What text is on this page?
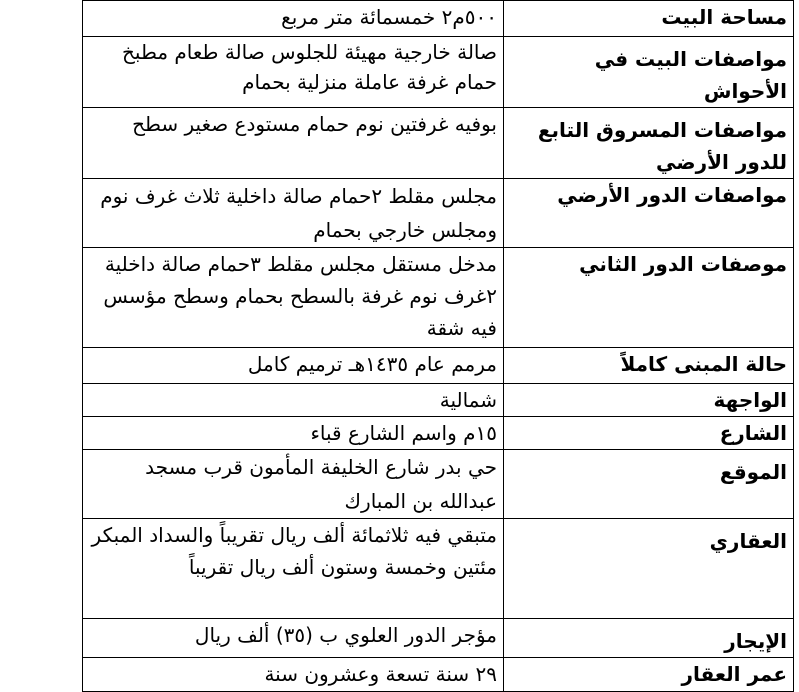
مساحة البيت	٥٠٠م٢ خمسمائة متر مربع
مواصفات البيت في الأحواش	صالة خارجية مهيئة للجلوس صالة طعام مطبخ حمام غرفة عاملة منزلية بحمام
مواصفات المسروق التابع للدور الأرضي	بوفيه غرفتين نوم حمام مستودع صغير سطح
مواصفات الدور الأرضي	مجلس مقلط ٢حمام صالة داخلية ثلاث غرف نوم ومجلس خارجي بحمام
موصفات الدور الثاني	مدخل مستقل مجلس مقلط ٣حمام صالة داخلية ٢غرف نوم غرفة بالسطح بحمام وسطح مؤسس فيه شقة
حالة المبنى كاملاً	مرمم عام ١٤٣٥هـ ترميم كامل
الواجهة	شمالية
الشارع	١٥م واسم الشارع قباء
الموقع	حي بدر شارع الخليفة المأمون قرب مسجد عبدالله بن المبارك
العقاري	متبقي فيه ثلاثمائة ألف ريال تقريباً والسداد المبكر مئتين وخمسة وستون ألف ريال تقريباً
الإيجار	مؤجر الدور العلوي ب (٣٥) ألف ريال
عمر العقار	٢٩ سنة تسعة وعشرون سنة
